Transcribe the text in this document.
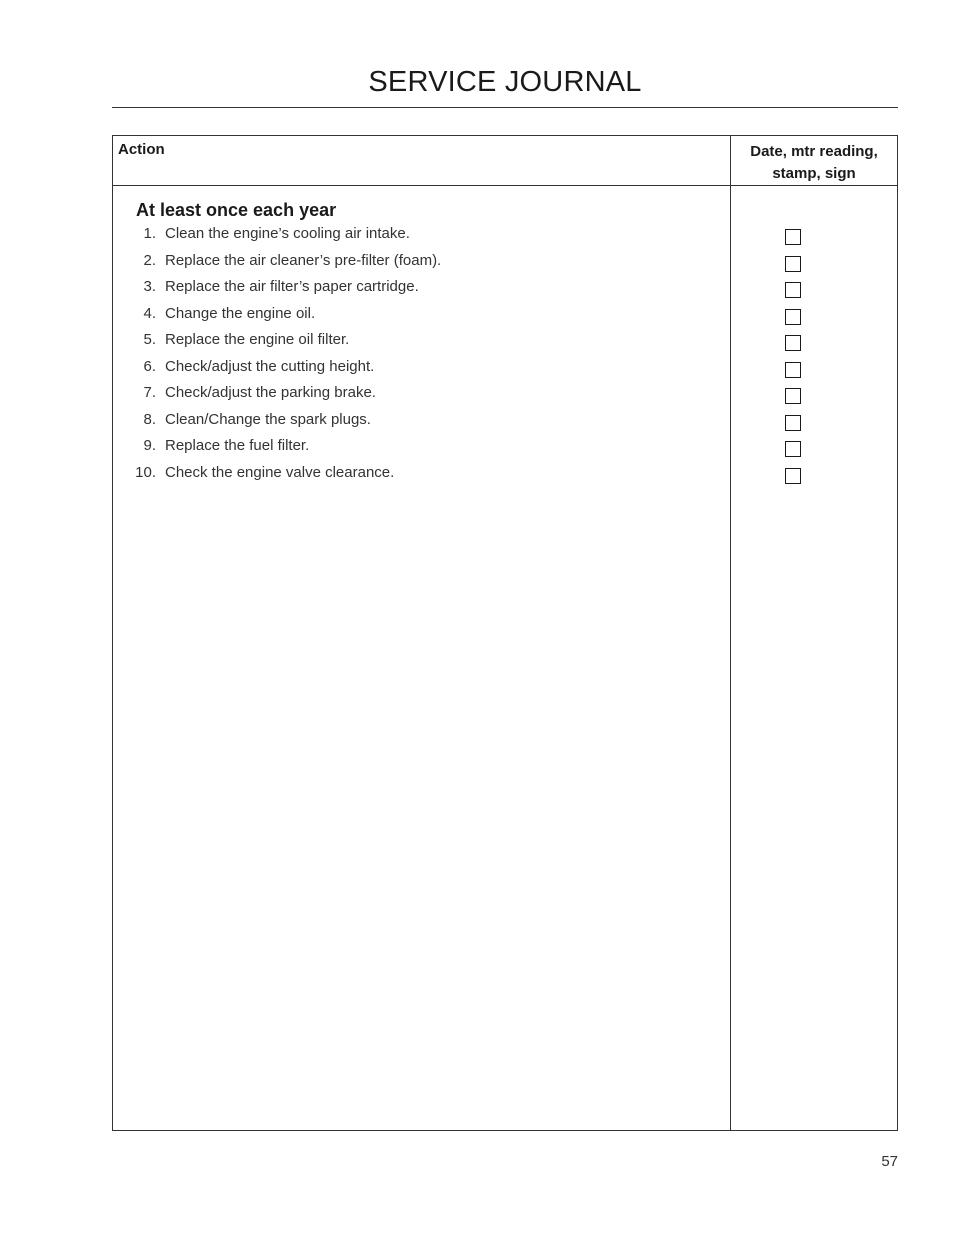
SERVICE JOURNAL
Action	Date, mtr reading,
stamp, sign
At least once each year
1. Clean the engine’s cooling air intake.
2. Replace the air cleaner’s pre-filter (foam).
3. Replace the air filter’s paper cartridge.
4. Change the engine oil.
5. Replace the engine oil filter.
6. Check/adjust the cutting height.
7. Check/adjust the parking brake.
8. Clean/Change the spark plugs.
9. Replace the fuel filter.
10. Check the engine valve clearance.
57
